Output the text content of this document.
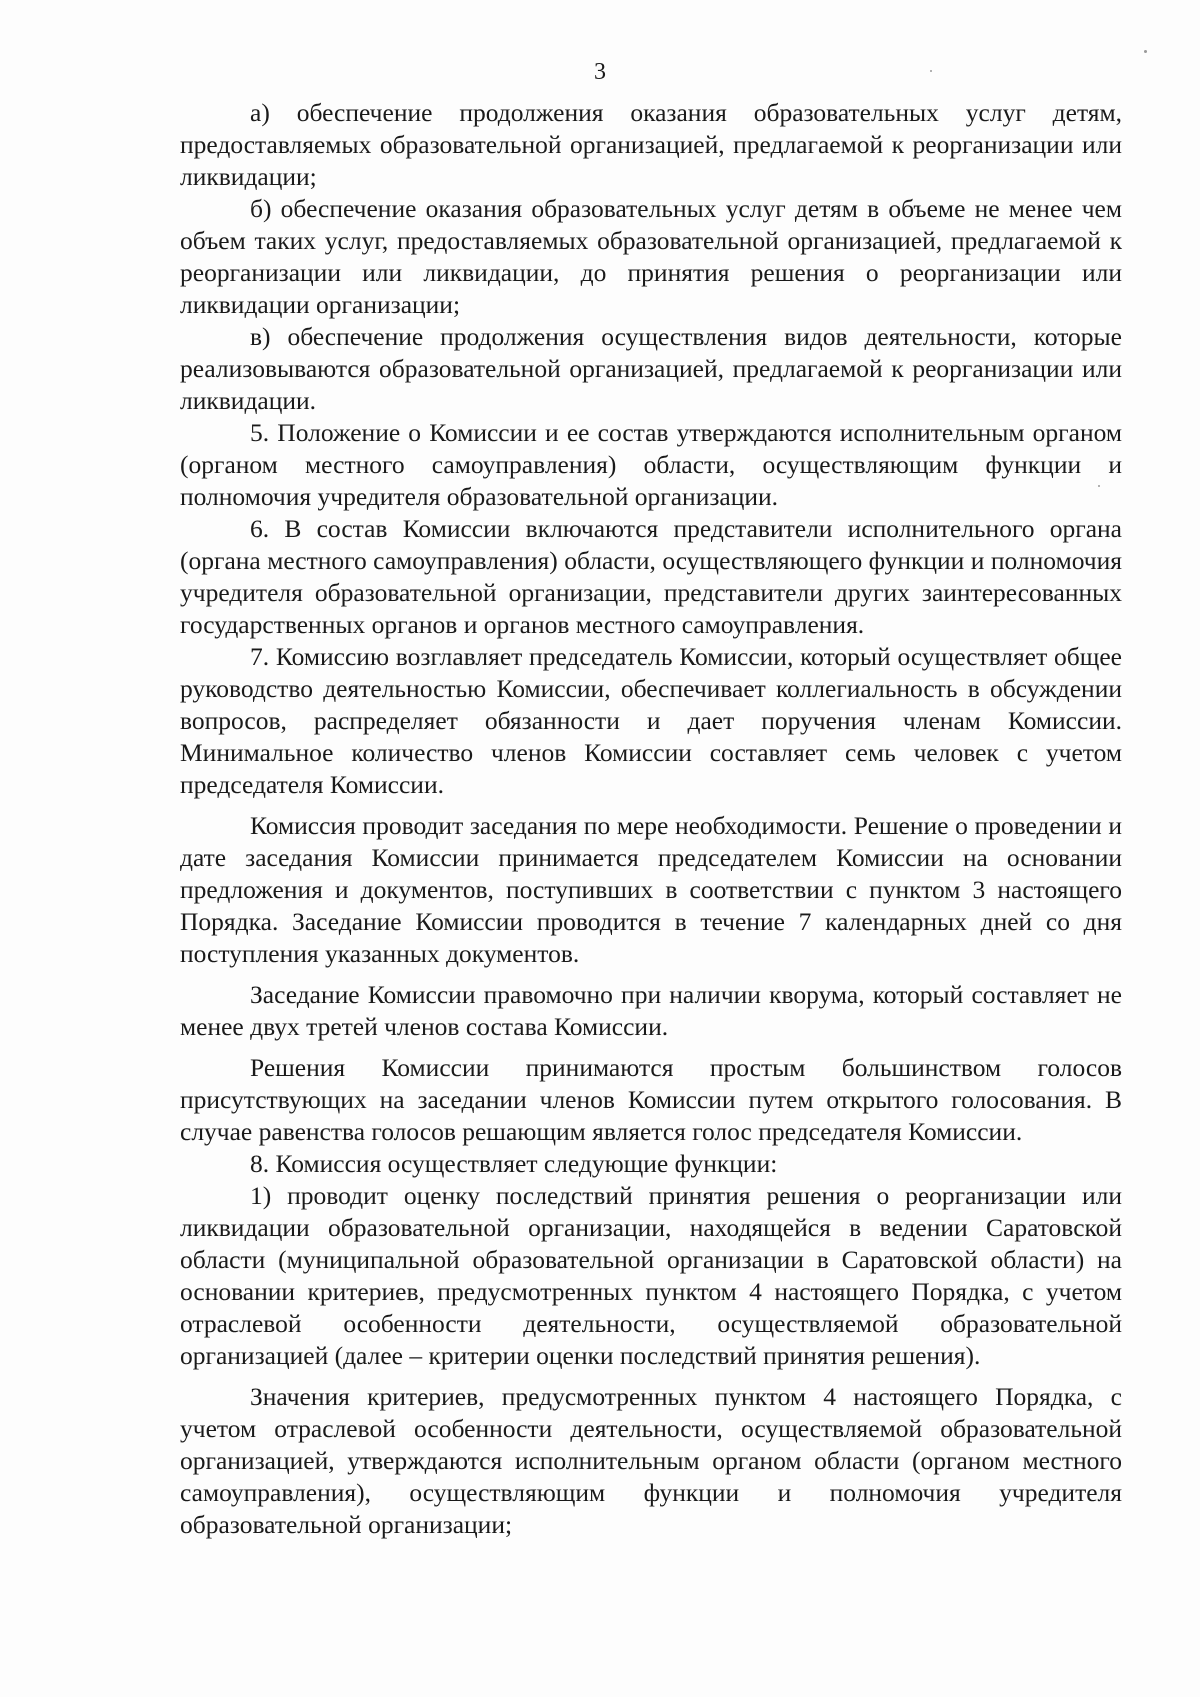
3

а) обеспечение продолжения оказания образовательных услуг детям, предоставляемых образовательной организацией, предлагаемой к реорганизации или ликвидации;

б) обеспечение оказания образовательных услуг детям в объеме не менее чем объем таких услуг, предоставляемых образовательной организацией, предлагаемой к реорганизации или ликвидации, до принятия решения о реорганизации или ликвидации организации;

в) обеспечение продолжения осуществления видов деятельности, которые реализовываются образовательной организацией, предлагаемой к реорганизации или ликвидации.

5. Положение о Комиссии и ее состав утверждаются исполнительным органом (органом местного самоуправления) области, осуществляющим функции и полномочия учредителя образовательной организации.

6. В состав Комиссии включаются представители исполнительного органа (органа местного самоуправления) области, осуществляющего функции и полномочия учредителя образовательной организации, представители других заинтересованных государственных органов и органов местного самоуправления.

7. Комиссию возглавляет председатель Комиссии, который осуществляет общее руководство деятельностью Комиссии, обеспечивает коллегиальность в обсуждении вопросов, распределяет обязанности и дает поручения членам Комиссии. Минимальное количество членов Комиссии составляет семь человек с учетом председателя Комиссии.

Комиссия проводит заседания по мере необходимости. Решение о проведении и дате заседания Комиссии принимается председателем Комиссии на основании предложения и документов, поступивших в соответствии с пунктом 3 настоящего Порядка. Заседание Комиссии проводится в течение 7 календарных дней со дня поступления указанных документов.

Заседание Комиссии правомочно при наличии кворума, который составляет не менее двух третей членов состава Комиссии.

Решения Комиссии принимаются простым большинством голосов присутствующих на заседании членов Комиссии путем открытого голосования. В случае равенства голосов решающим является голос председателя Комиссии.

8. Комиссия осуществляет следующие функции:

1) проводит оценку последствий принятия решения о реорганизации или ликвидации образовательной организации, находящейся в ведении Саратовской области (муниципальной образовательной организации в Саратовской области) на основании критериев, предусмотренных пунктом 4 настоящего Порядка, с учетом отраслевой особенности деятельности, осуществляемой образовательной организацией (далее – критерии оценки последствий принятия решения).

Значения критериев, предусмотренных пунктом 4 настоящего Порядка, с учетом отраслевой особенности деятельности, осуществляемой образовательной организацией, утверждаются исполнительным органом области (органом местного самоуправления), осуществляющим функции и полномочия учредителя образовательной организации;
